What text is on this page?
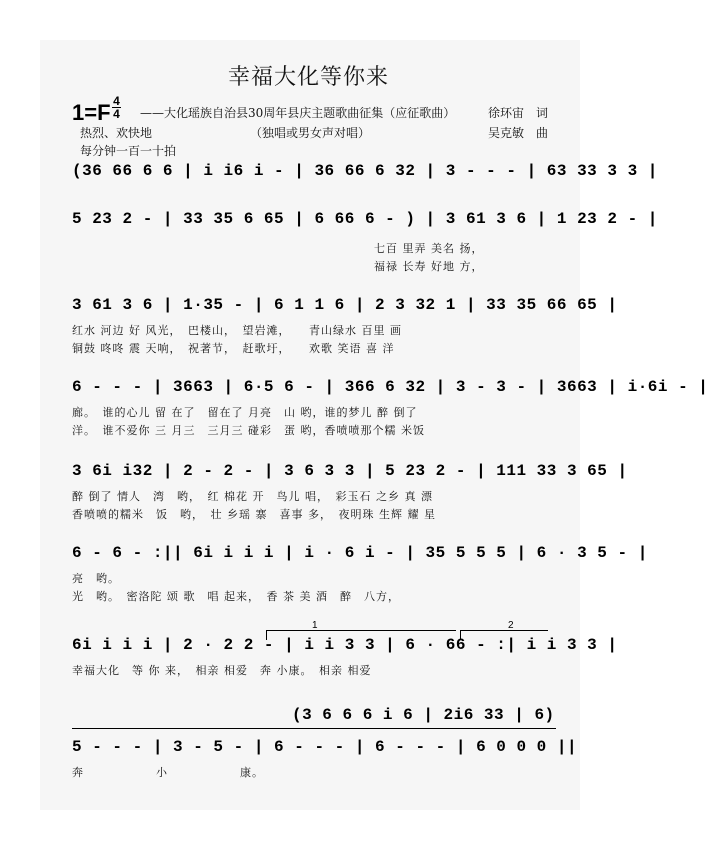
幸福大化等你来
1=F 4
4 ——大化瑶族自治县30周年县庆主题歌曲征集（应征歌曲）	徐环宙　词
热烈、欢快地	（独唱或男女声对唱）	吴克敏　曲
每分钟一百一十拍
(36 66 6 6 | i i6 i - | 36 66 6 32 | 3 - - - | 63 33 3 3 |
5 23 2 - | 33 35 6 65 | 6 66 6 - ) | 3 61 3 6 | 1 23 2 - |
七百 里弄 美名 扬，
福禄 长寿 好地 方，
3 61 3 6 | 1·35 - | 6 1 1 6 | 2 3 32 1 | 33 35 66 65 |
红水 河边 好 风光，　巴楼山，　望岩滩，　　青山绿水 百里 画
铜鼓 咚咚 震 天响，　祝著节，　赶歌圩，　　欢歌 笑语 喜 洋
6 - - - | 3663 | 6·5 6 - | 366 6 32 | 3 - 3 - | 3663 | i·6i - |
廊。　谁的心儿 留 在了　留在了 月亮　山 哟，谁的梦儿 醉 倒了
洋。　谁不爱你 三 月三　三月三 碰彩　蛋 哟，香喷喷那个糯 米饭
3 6i i32 | 2 - 2 - | 3 6 3 3 | 5 23 2 - | 111 33 3 65 |
醉 倒了 情人　湾　哟，　红 棉花 开　鸟儿 唱，　彩玉石 之乡 真 漂
香喷喷的糯米　饭　哟，　壮 乡瑶 寨　喜事 多，　夜明珠 生辉 耀 星
6 - 6 - :|| 6i i i i | i · 6 i - | 35 5 5 5 | 6 · 3 5 - |
亮　哟。
光　哟。　密洛陀 颂 歌　唱 起来，　香 茶 美 酒　醉　八方，
1	2
6i i i i | 2 · 2 2 - | i i 3 3 | 6 · 66 - :| i i 3 3 |
幸福大化　等 你 来，　相亲 相爱　奔 小康。　相亲 相爱
(3 6 6 6 i 6 | 2i6 33 | 6)
5 - - - | 3 - 5 - | 6 - - - | 6 - - - | 6 0 0 0 ||
奔　　　　　　小　　　　　　康。
